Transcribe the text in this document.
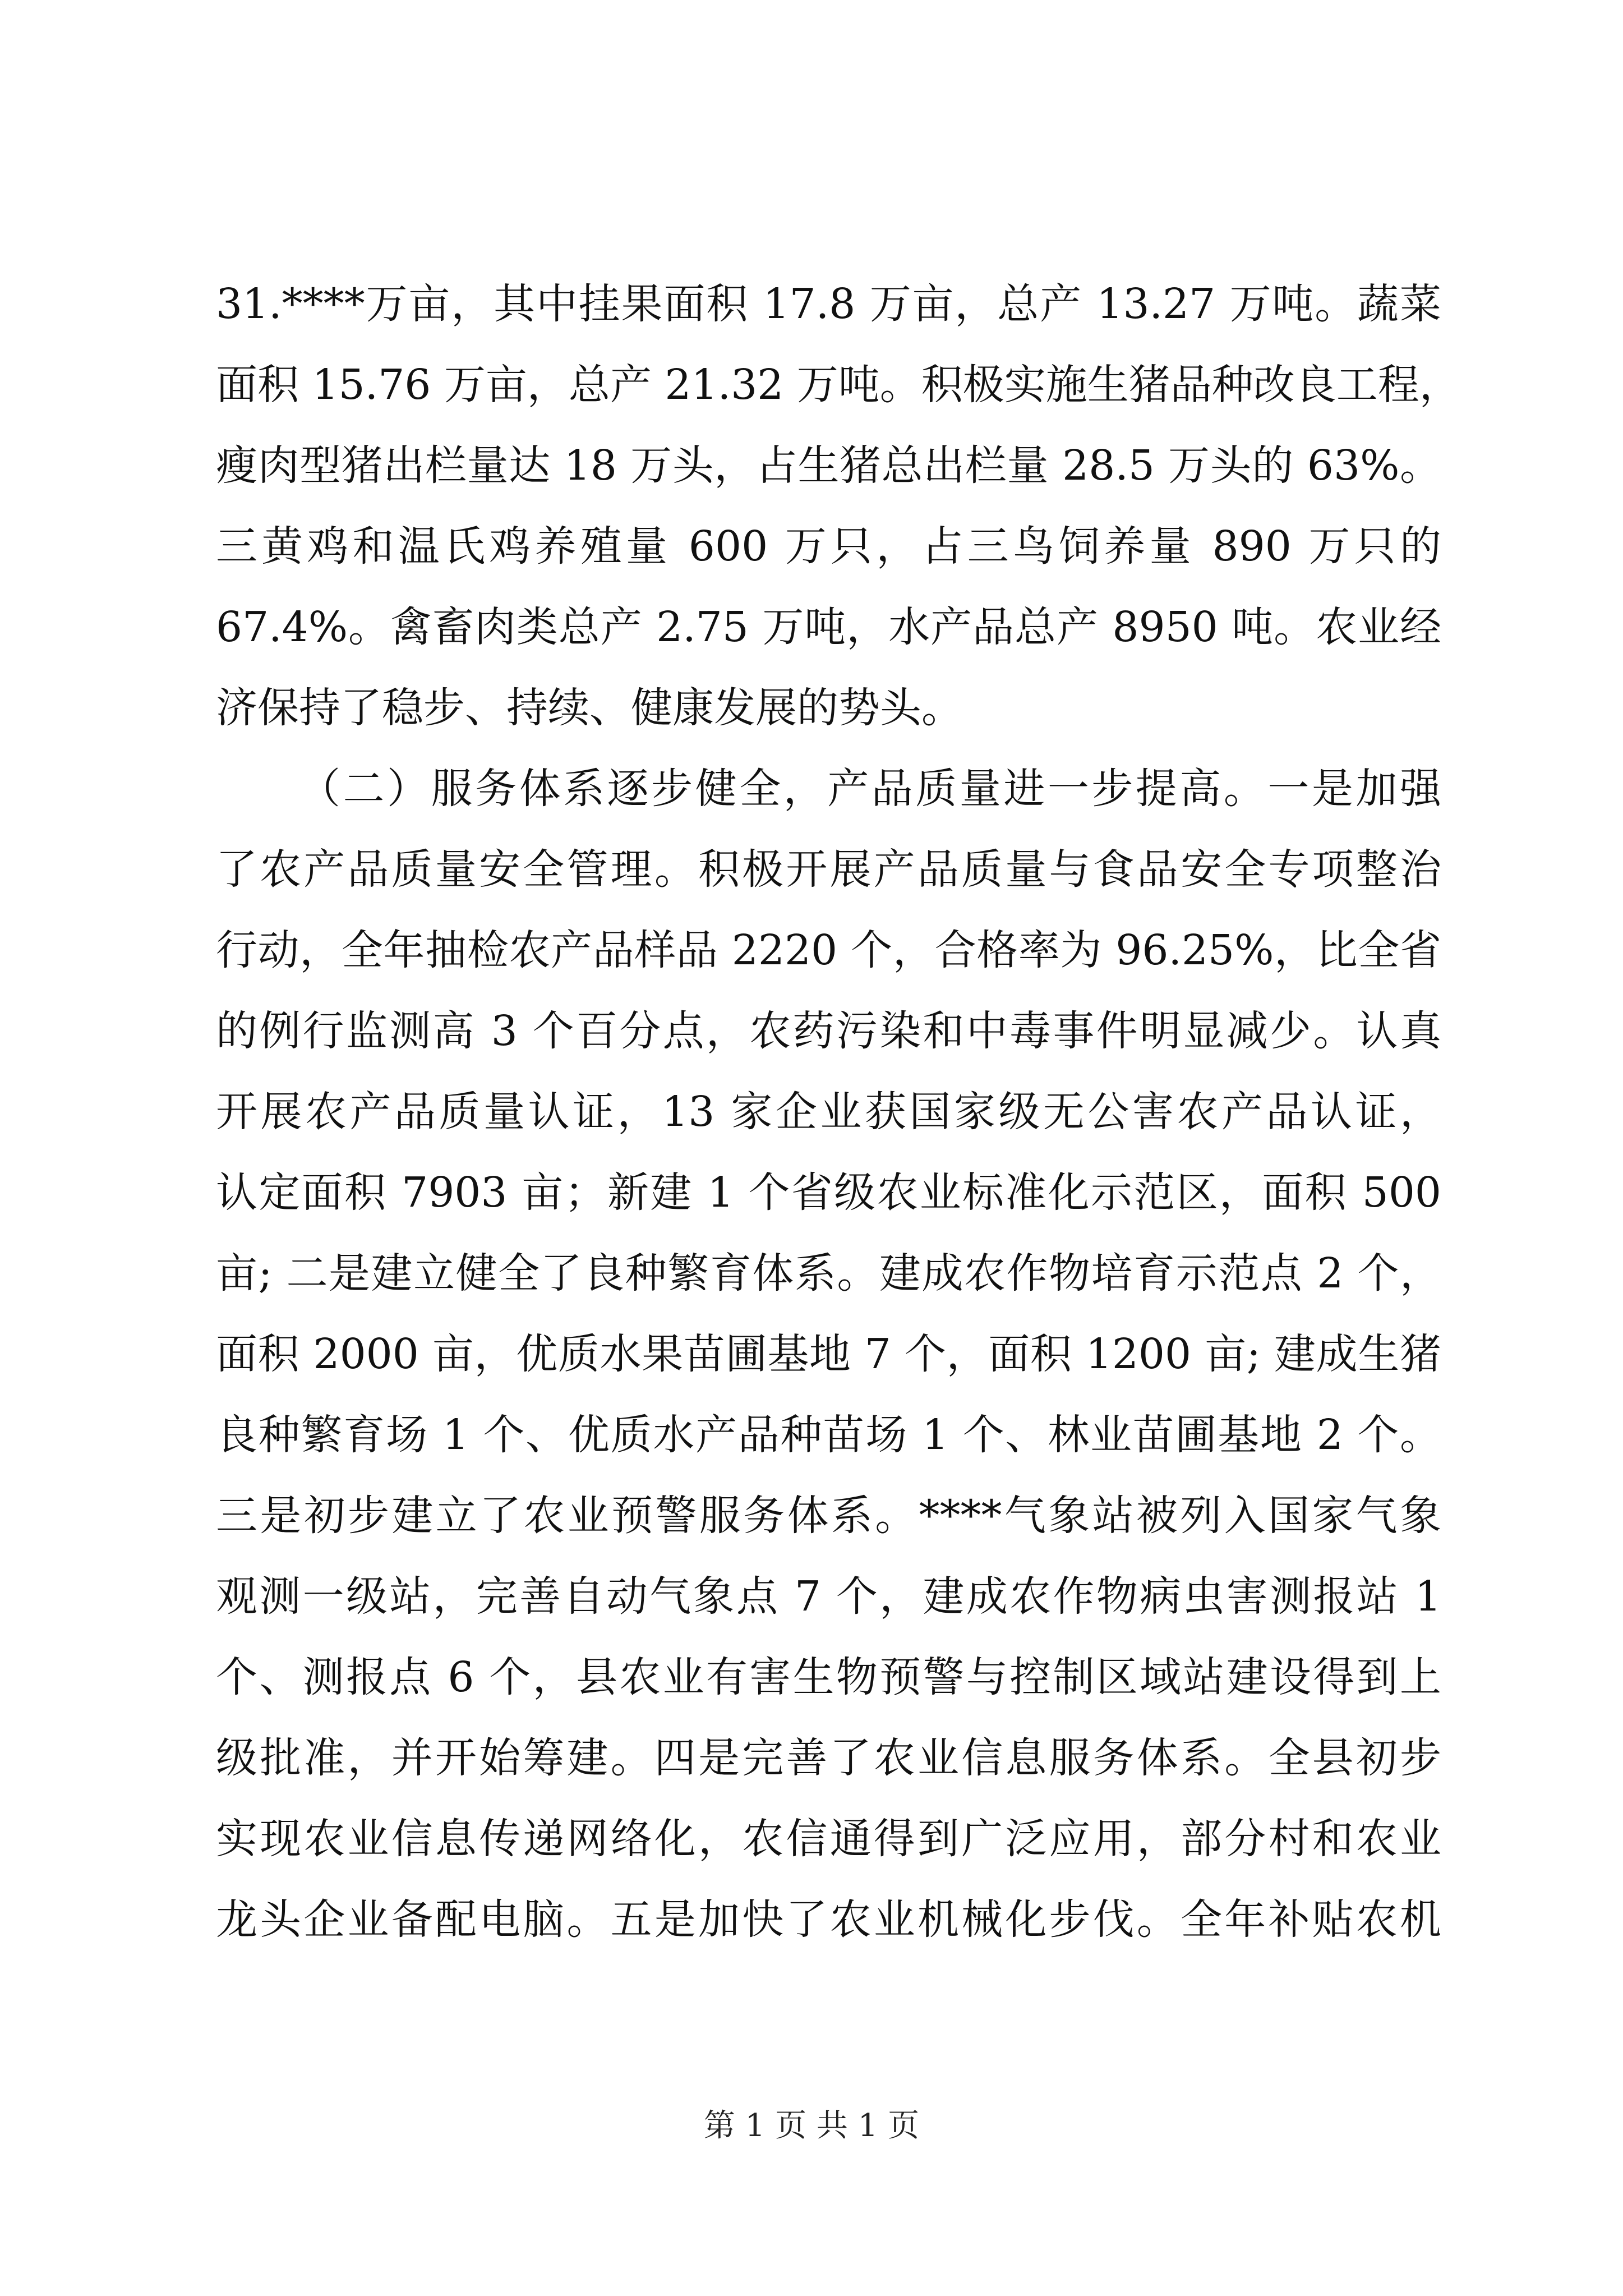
31.****万亩，其中挂果面积 17.8 万亩，总产 13.27 万吨。蔬菜
面积 15.76 万亩，总产 21.32 万吨。积极实施生猪品种改良工程，
瘦肉型猪出栏量达 18 万头，占生猪总出栏量 28.5 万头的 63%。
三黄鸡和温氏鸡养殖量 600 万只，占三鸟饲养量 890 万只的
67.4%。禽畜肉类总产 2.75 万吨，水产品总产 8950 吨。农业经
济保持了稳步、持续、健康发展的势头。
（二）服务体系逐步健全，产品质量进一步提高。一是加强
了农产品质量安全管理。积极开展产品质量与食品安全专项整治
行动，全年抽检农产品样品 2220 个，合格率为 96.25%，比全省
的例行监测高 3 个百分点，农药污染和中毒事件明显减少。认真
开展农产品质量认证，13 家企业获国家级无公害农产品认证，
认定面积 7903 亩；新建 1 个省级农业标准化示范区，面积 500
亩; 二是建立健全了良种繁育体系。建成农作物培育示范点 2 个，
面积 2000 亩，优质水果苗圃基地 7 个，面积 1200 亩; 建成生猪
良种繁育场 1 个、优质水产品种苗场 1 个、林业苗圃基地 2 个。
三是初步建立了农业预警服务体系。****气象站被列入国家气象
观测一级站，完善自动气象点 7 个，建成农作物病虫害测报站 1
个、测报点 6 个，县农业有害生物预警与控制区域站建设得到上
级批准，并开始筹建。四是完善了农业信息服务体系。全县初步
实现农业信息传递网络化，农信通得到广泛应用，部分村和农业
龙头企业备配电脑。五是加快了农业机械化步伐。全年补贴农机
第 1 页 共 1 页
